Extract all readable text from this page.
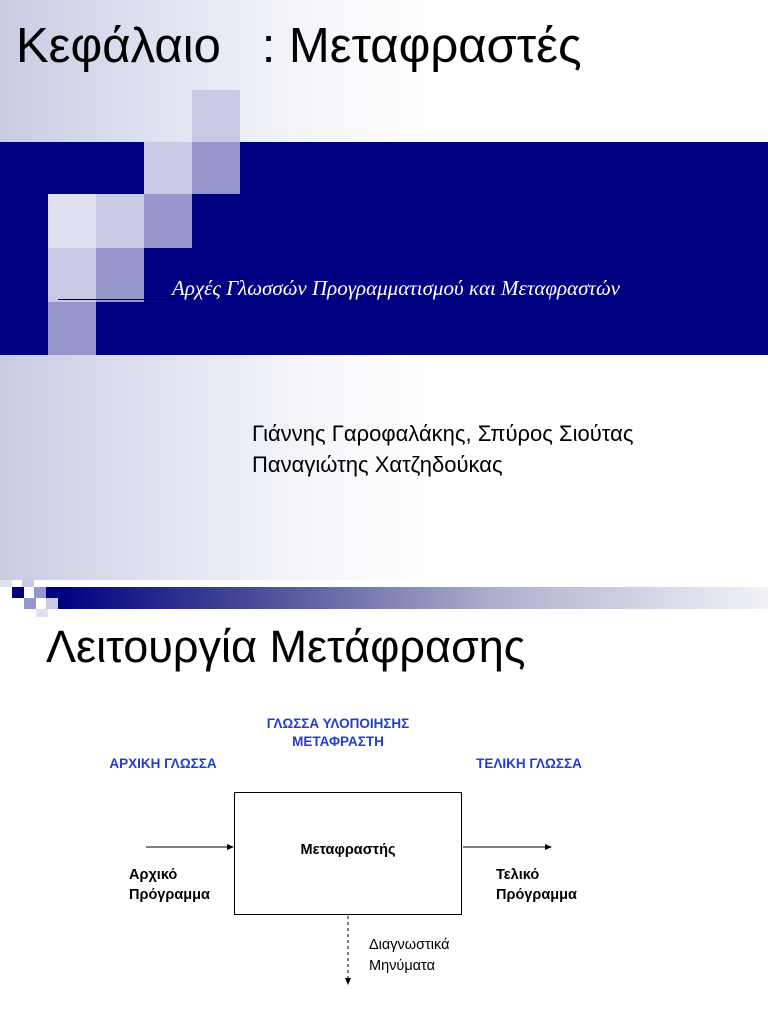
Κεφάλαιο   : Μεταφραστές

Αρχές Γλωσσών Προγραμματισμού και Μεταφραστών

Γιάννης Γαροφαλάκης, Σπύρος Σιούτας
Παναγιώτης Χατζηδούκας
Λειτουργία Μετάφρασης
ΓΛΩΣΣΑ ΥΛΟΠΟΙΗΣΗΣ
ΜΕΤΑΦΡΑΣΤΗ
ΑΡΧΙΚΗ ΓΛΩΣΣΑ	ΤΕΛΙΚΗ ΓΛΩΣΣΑ
Μεταφραστής
Αρχικό
Πρόγραμμα
Τελικό
Πρόγραμμα
Διαγνωστικά
Μηνύματα
